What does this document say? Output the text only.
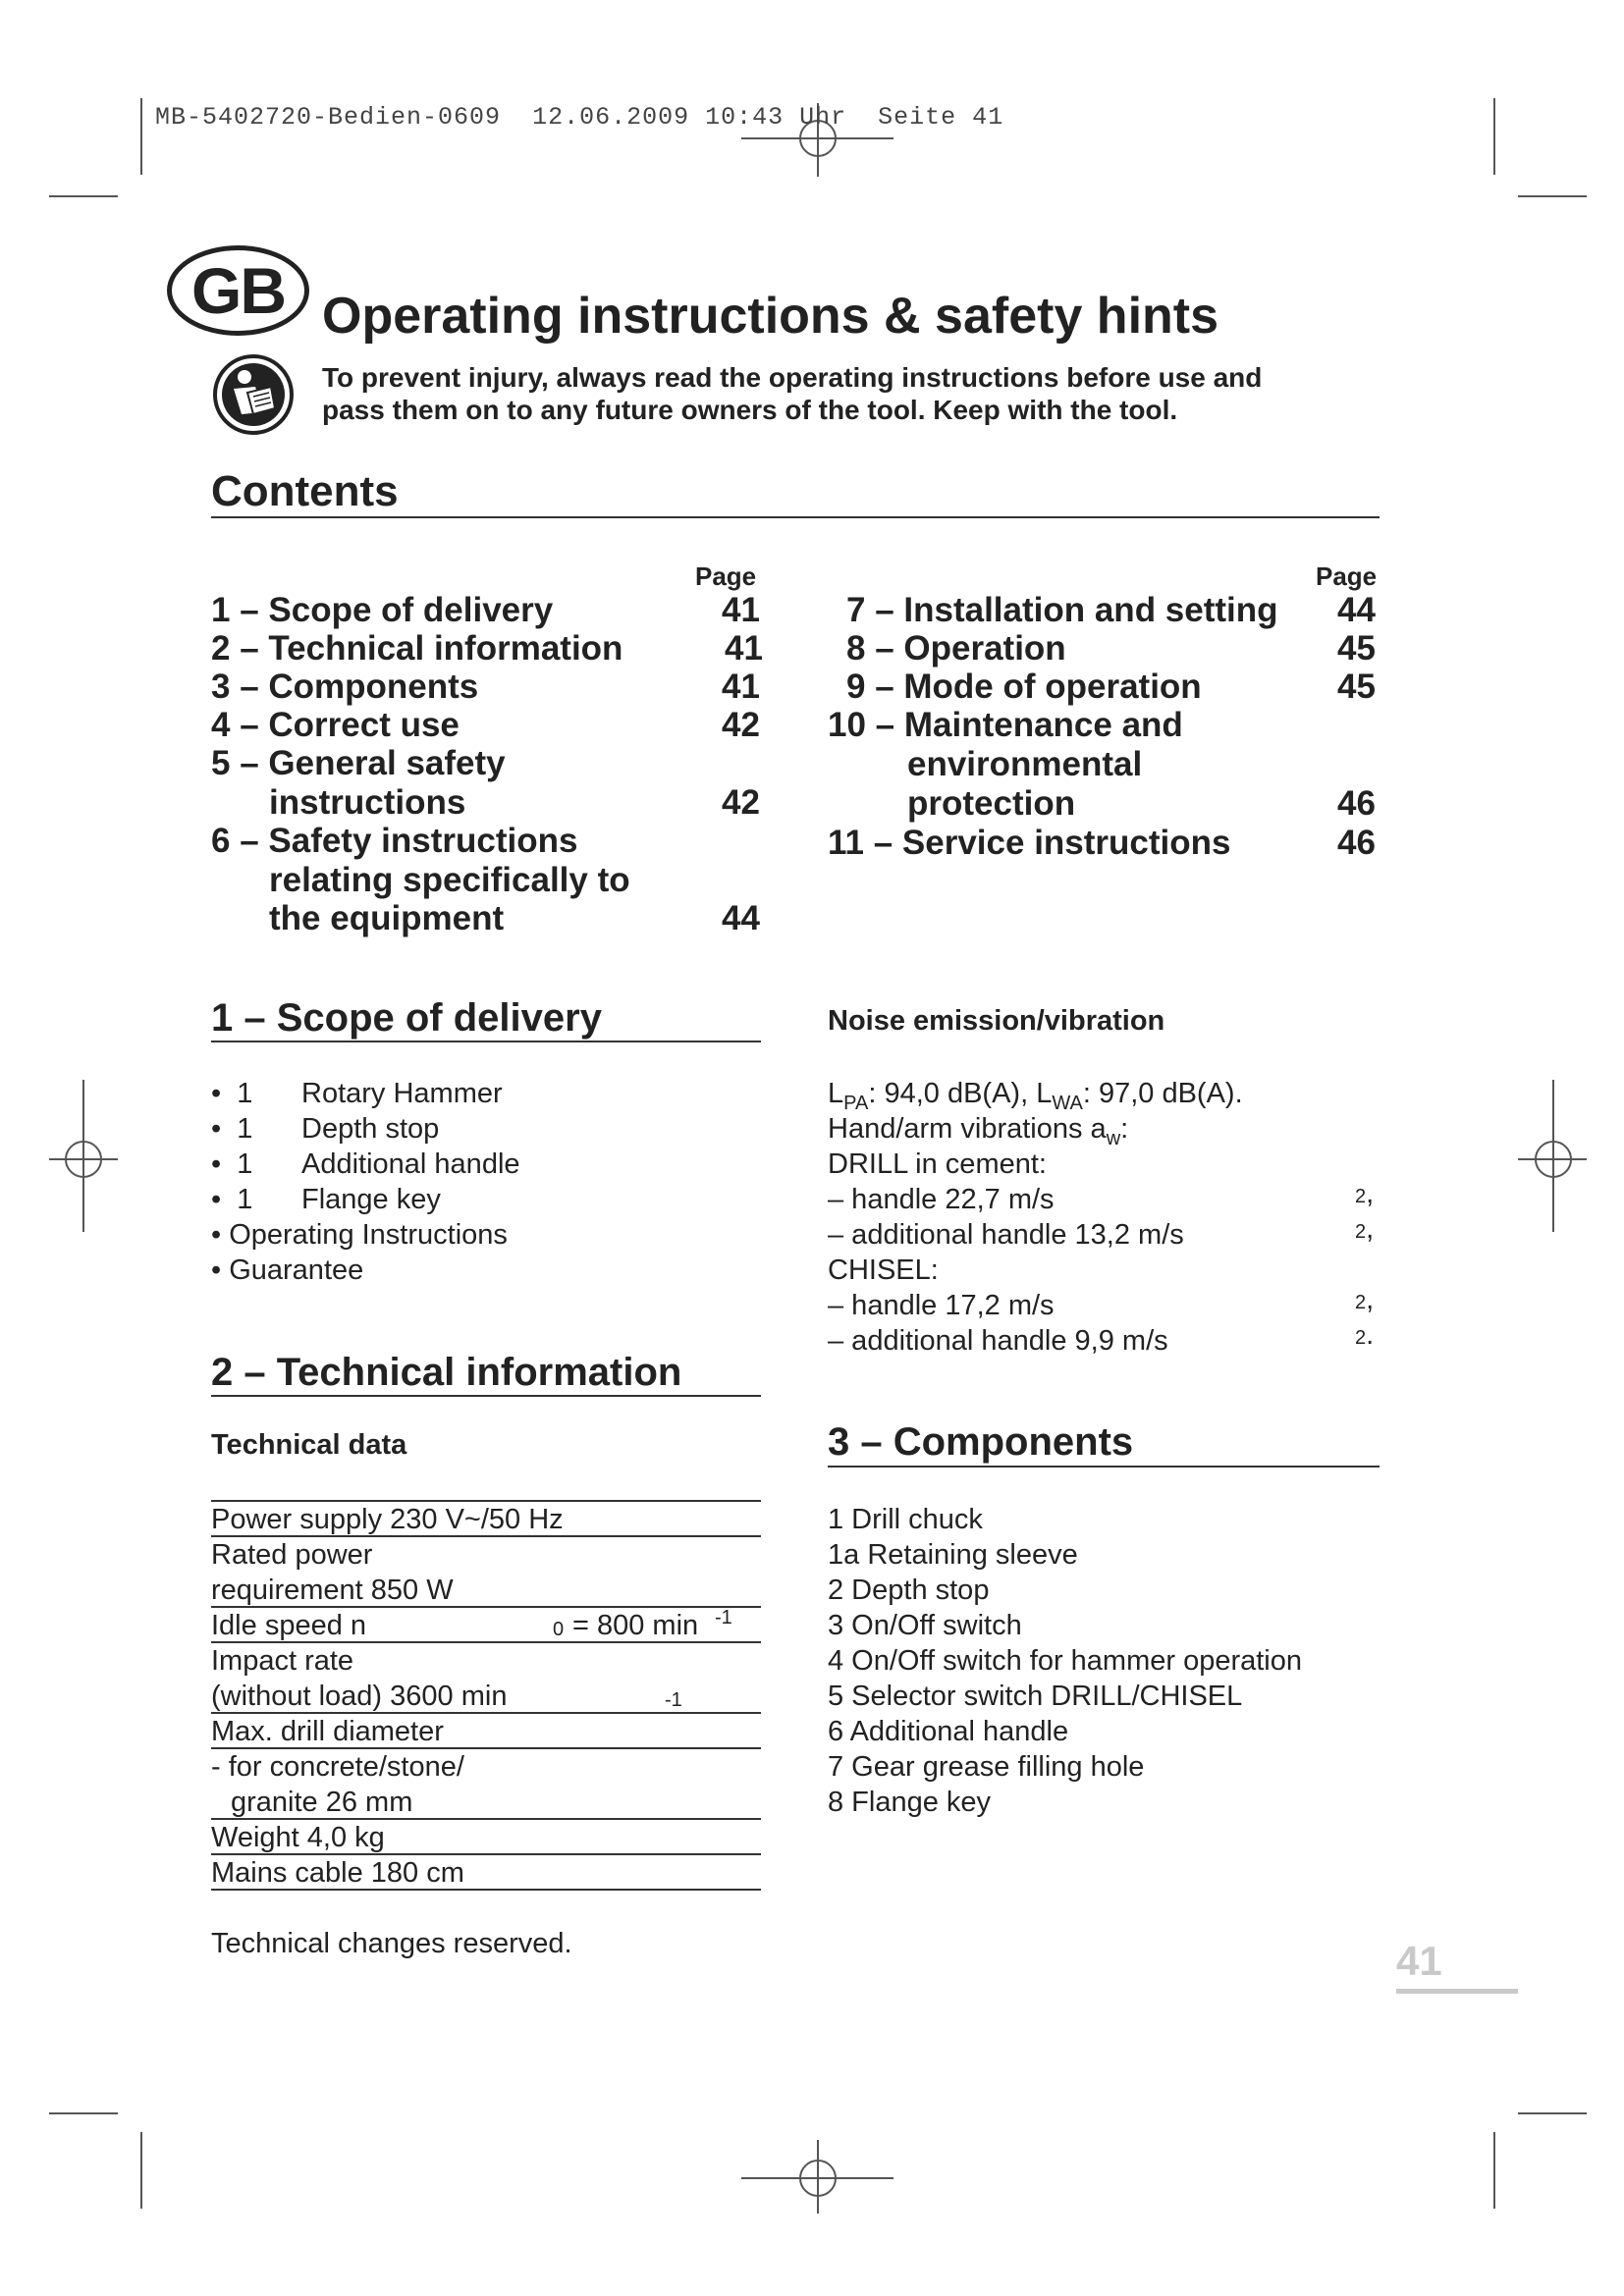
MB-5402720-Bedien-0609 12.06.2009 10:43 Uhr Seite 41
GB Operating instructions & safety hints
To prevent injury, always read the operating instructions before use and
pass them on to any future owners of the tool. Keep with the tool.
Contents
Page	Page
1 – Scope of delivery	41
2 – Technical information	41
3 – Components	41
4 – Correct use	42
5 – General safety
instructions	42
6 – Safety instructions
relating specifically to
the equipment	44
7 – Installation and setting 44
8 – Operation	45
9 – Mode of operation	45
10 – Maintenance and
environmental
protection	46
11 – Service instructions	46
1 – Scope of delivery
• 1 Rotary Hammer
• 1 Depth stop
• 1 Additional handle
• 1 Flange key
• Operating Instructions
• Guarantee
2 – Technical information
Technical data
Power supply 230 V~/50 Hz
Rated power
requirement 850 W
Idle speed n	0 = 800 min -1
Impact rate
(without load) 3600 min	-1
Max. drill diameter
- for concrete/stone/
granite 26 mm
Weight 4,0 kg
Mains cable 180 cm
Technical changes reserved.
Noise emission/vibration
$L_{PA}$: 94,0 dB(A), $L_{WA}$: 97,0 dB(A).
Hand/arm vibrations $a_w$:
DRILL in cement:
– handle 22,7 m/s	2,
– additional handle 13,2 m/s	2,
CHISEL:
– handle 17,2 m/s	2,
– additional handle 9,9 m/s	2.
3 – Components
1 Drill chuck
1a Retaining sleeve
2 Depth stop
3 On/Off switch
4 On/Off switch for hammer operation
5 Selector switch DRILL/CHISEL
6 Additional handle
7 Gear grease filling hole
8 Flange key
41
